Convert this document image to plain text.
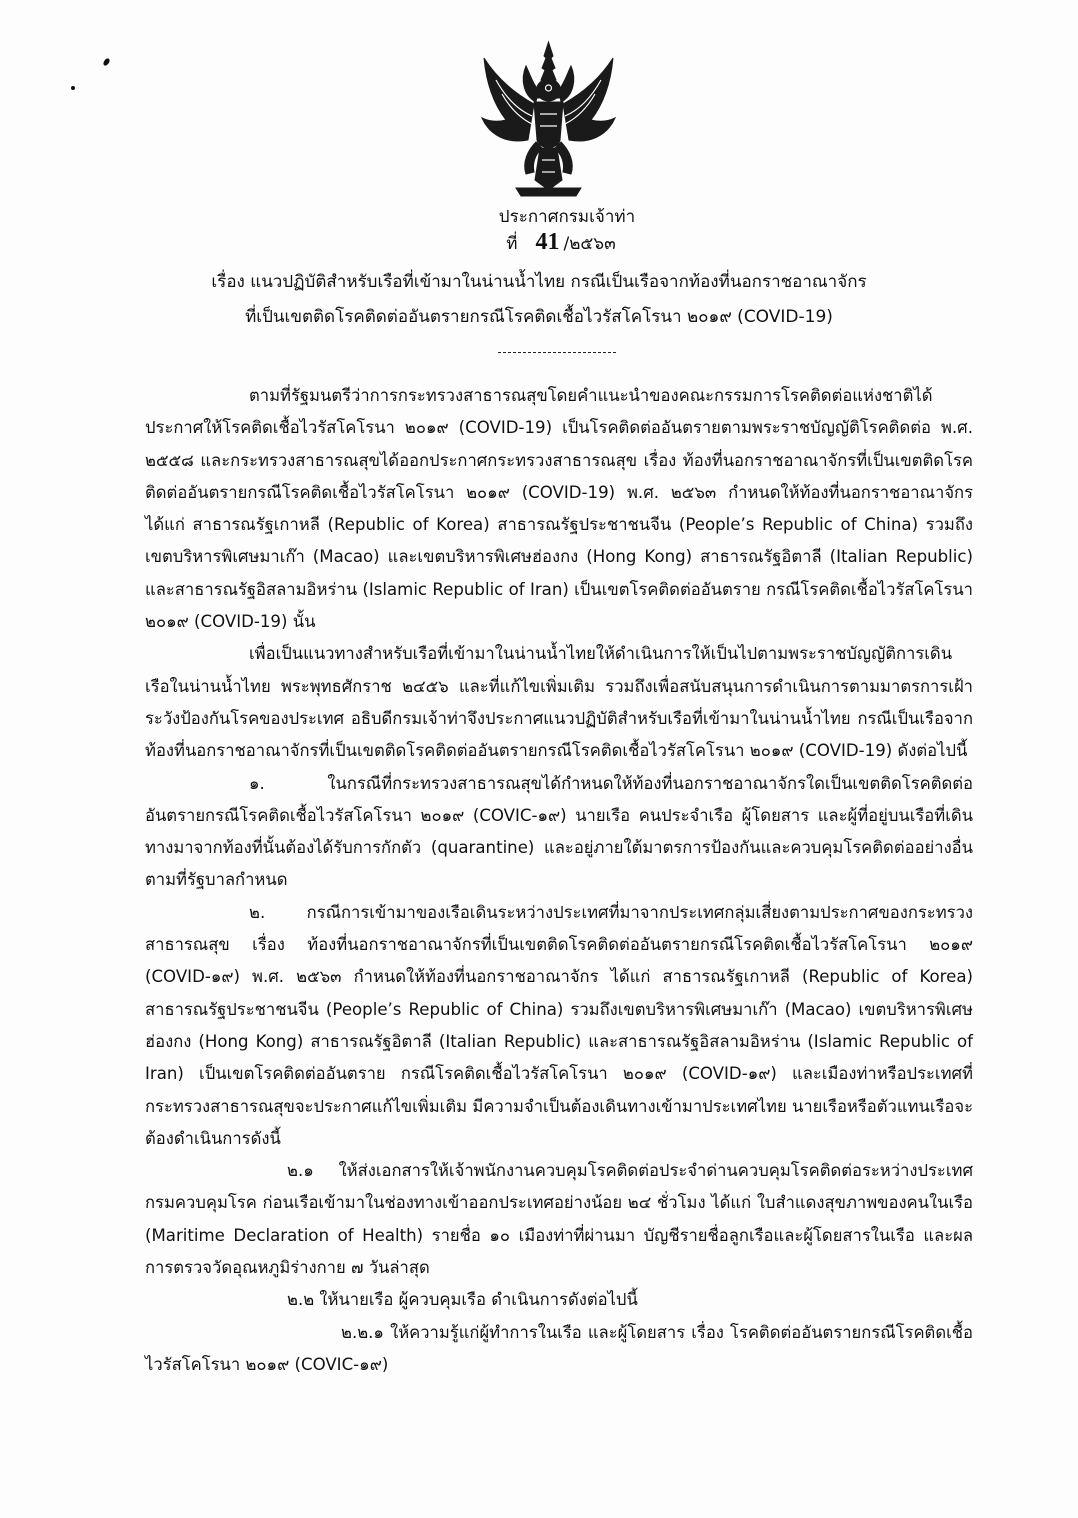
ประกาศกรมเจ้าท่า
ที่ 41 /๒๕๖๓
เรื่อง แนวปฏิบัติสำหรับเรือที่เข้ามาในน่านน้ำไทย กรณีเป็นเรือจากท้องที่นอกราชอาณาจักร
ที่เป็นเขตติดโรคติดต่ออันตรายกรณีโรคติดเชื้อไวรัสโคโรนา ๒๐๑๙ (COVID-19)

ตามที่รัฐมนตรีว่าการกระทรวงสาธารณสุขโดยคำแนะนำของคณะกรรมการโรคติดต่อแห่งชาติได้ประกาศให้โรคติดเชื้อไวรัสโคโรนา ๒๐๑๙ (COVID-19) เป็นโรคติดต่ออันตรายตามพระราชบัญญัติโรคติดต่อ พ.ศ. ๒๕๕๘ และกระทรวงสาธารณสุขได้ออกประกาศกระทรวงสาธารณสุข เรื่อง ท้องที่นอกราชอาณาจักรที่เป็นเขตติดโรคติดต่ออันตรายกรณีโรคติดเชื้อไวรัสโคโรนา ๒๐๑๙ (COVID-19) พ.ศ. ๒๕๖๓ กำหนดให้ท้องที่นอกราชอาณาจักร ได้แก่ สาธารณรัฐเกาหลี (Republic of Korea) สาธารณรัฐประชาชนจีน (People’s Republic of China) รวมถึงเขตบริหารพิเศษมาเก๊า (Macao) และเขตบริหารพิเศษฮ่องกง (Hong Kong) สาธารณรัฐอิตาลี (Italian Republic) และสาธารณรัฐอิสลามอิหร่าน (Islamic Republic of Iran) เป็นเขตโรคติดต่ออันตราย กรณีโรคติดเชื้อไวรัสโคโรนา ๒๐๑๙ (COVID-19) นั้น

เพื่อเป็นแนวทางสำหรับเรือที่เข้ามาในน่านน้ำไทยให้ดำเนินการให้เป็นไปตามพระราชบัญญัติการเดินเรือในน่านน้ำไทย พระพุทธศักราช ๒๔๕๖ และที่แก้ไขเพิ่มเติม รวมถึงเพื่อสนับสนุนการดำเนินการตามมาตรการเฝ้าระวังป้องกันโรคของประเทศ อธิบดีกรมเจ้าท่าจึงประกาศแนวปฏิบัติสำหรับเรือที่เข้ามาในน่านน้ำไทย กรณีเป็นเรือจากท้องที่นอกราชอาณาจักรที่เป็นเขตติดโรคติดต่ออันตรายกรณีโรคติดเชื้อไวรัสโคโรนา ๒๐๑๙ (COVID-19) ดังต่อไปนี้

๑. ในกรณีที่กระทรวงสาธารณสุขได้กำหนดให้ท้องที่นอกราชอาณาจักรใดเป็นเขตติดโรคติดต่ออันตรายกรณีโรคติดเชื้อไวรัสโคโรนา ๒๐๑๙ (COVIC-๑๙) นายเรือ คนประจำเรือ ผู้โดยสาร และผู้ที่อยู่บนเรือที่เดินทางมาจากท้องที่นั้นต้องได้รับการกักตัว (quarantine) และอยู่ภายใต้มาตรการป้องกันและควบคุมโรคติดต่ออย่างอื่นตามที่รัฐบาลกำหนด

๒. กรณีการเข้ามาของเรือเดินระหว่างประเทศที่มาจากประเทศกลุ่มเสี่ยงตามประกาศของกระทรวงสาธารณสุข เรื่อง ท้องที่นอกราชอาณาจักรที่เป็นเขตติดโรคติดต่ออันตรายกรณีโรคติดเชื้อไวรัสโคโรนา ๒๐๑๙ (COVID-๑๙) พ.ศ. ๒๕๖๓ กำหนดให้ท้องที่นอกราชอาณาจักร ได้แก่ สาธารณรัฐเกาหลี (Republic of Korea) สาธารณรัฐประชาชนจีน (People’s Republic of China) รวมถึงเขตบริหารพิเศษมาเก๊า (Macao) เขตบริหารพิเศษฮ่องกง (Hong Kong) สาธารณรัฐอิตาลี (Italian Republic) และสาธารณรัฐอิสลามอิหร่าน (Islamic Republic of Iran) เป็นเขตโรคติดต่ออันตราย กรณีโรคติดเชื้อไวรัสโคโรนา ๒๐๑๙ (COVID-๑๙) และเมืองท่าหรือประเทศที่กระทรวงสาธารณสุขจะประกาศแก้ไขเพิ่มเติม มีความจำเป็นต้องเดินทางเข้ามาประเทศไทย นายเรือหรือตัวแทนเรือจะต้องดำเนินการดังนี้

๒.๑ ให้ส่งเอกสารให้เจ้าพนักงานควบคุมโรคติดต่อประจำด่านควบคุมโรคติดต่อระหว่างประเทศ กรมควบคุมโรค ก่อนเรือเข้ามาในช่องทางเข้าออกประเทศอย่างน้อย ๒๔ ชั่วโมง ได้แก่ ใบสำแดงสุขภาพของคนในเรือ (Maritime Declaration of Health) รายชื่อ ๑๐ เมืองท่าที่ผ่านมา บัญชีรายชื่อลูกเรือและผู้โดยสารในเรือ และผลการตรวจวัดอุณหภูมิร่างกาย ๗ วันล่าสุด

๒.๒ ให้นายเรือ ผู้ควบคุมเรือ ดำเนินการดังต่อไปนี้

๒.๒.๑ ให้ความรู้แก่ผู้ทำการในเรือ และผู้โดยสาร เรื่อง โรคติดต่ออันตรายกรณีโรคติดเชื้อไวรัสโคโรนา ๒๐๑๙ (COVIC-๑๙)
